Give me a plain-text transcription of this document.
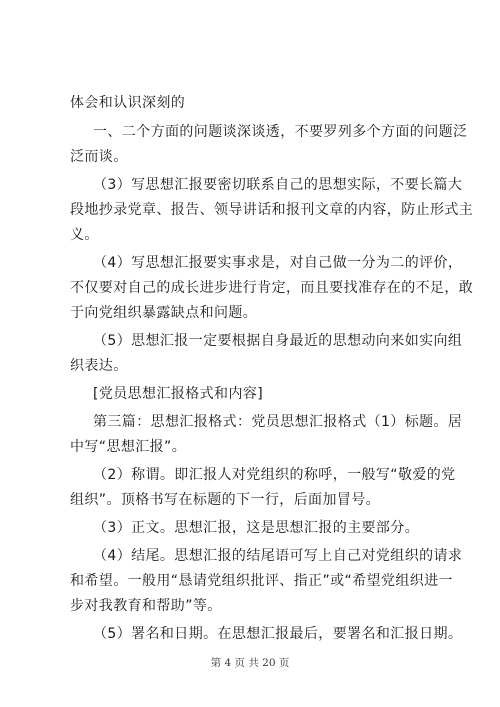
体会和认识深刻的
一、二个方面的问题谈深谈透，不要罗列多个方面的问题泛
泛而谈。
（3）写思想汇报要密切联系自己的思想实际，不要长篇大
段地抄录党章、报告、领导讲话和报刊文章的内容，防止形式主
义。
（4）写思想汇报要实事求是，对自己做一分为二的评价，
不仅要对自己的成长进步进行肯定，而且要找准存在的不足，敢
于向党组织暴露缺点和问题。
（5）思想汇报一定要根据自身最近的思想动向来如实向组
织表达。
[党员思想汇报格式和内容]
第三篇：思想汇报格式：党员思想汇报格式（1）标题。居
中写“思想汇报”。
（2）称谓。即汇报人对党组织的称呼，一般写“敬爱的党
组织”。顶格书写在标题的下一行，后面加冒号。
（3）正文。思想汇报，这是思想汇报的主要部分。
（4）结尾。思想汇报的结尾语可写上自己对党组织的请求
和希望。一般用“恳请党组织批评、指正”或“希望党组织进一
步对我教育和帮助”等。
（5）署名和日期。在思想汇报最后，要署名和汇报日期。
第 4 页 共 20 页
